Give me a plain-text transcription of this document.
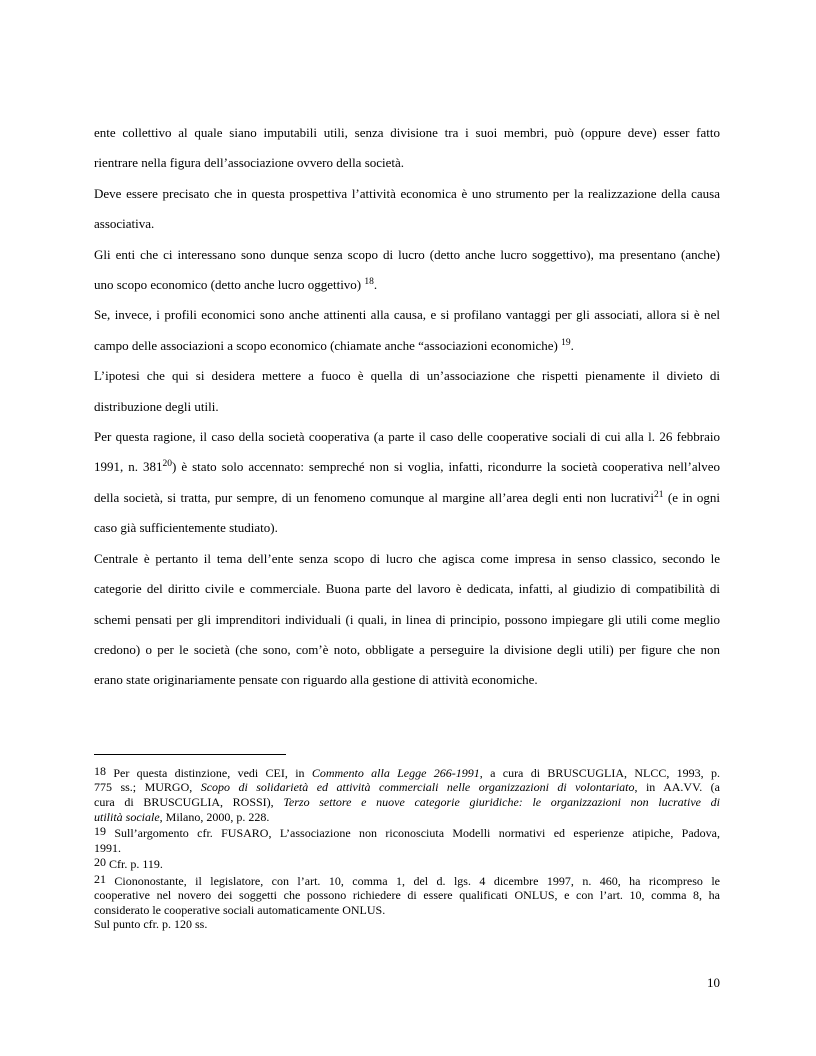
ente collettivo al quale siano imputabili utili, senza divisione tra i suoi membri, può (oppure deve) esser fatto
rientrare nella figura dell’associazione ovvero della società.

Deve essere precisato che in questa prospettiva l’attività economica è uno strumento per la realizzazione della causa
associativa.

Gli enti che ci interessano sono dunque senza scopo di lucro (detto anche lucro soggettivo), ma presentano (anche)
uno scopo economico (detto anche lucro oggettivo) $^{18}$.

Se, invece, i profili economici sono anche attinenti alla causa, e si profilano vantaggi per gli associati, allora si è nel
campo delle associazioni a scopo economico (chiamate anche “associazioni economiche) $^{19}$.

L’ipotesi che qui si desidera mettere a fuoco è quella di un’associazione che rispetti pienamente il divieto di
distribuzione degli utili.

Per questa ragione, il caso della società cooperativa (a parte il caso delle cooperative sociali di cui alla l. 26 febbraio
1991, n. $381^{20}$) è stato solo accennato: sempreché non si voglia, infatti, ricondurre la società cooperativa nell’alveo
della società, si tratta, pur sempre, di un fenomeno comunque al margine all’area degli enti non lucrativi$^{21}$ (e in ogni
caso già sufficientemente studiato).

Centrale è pertanto il tema dell’ente senza scopo di lucro che agisca come impresa in senso classico, secondo le
categorie del diritto civile e commerciale. Buona parte del lavoro è dedicata, infatti, al giudizio di compatibilità di
schemi pensati per gli imprenditori individuali (i quali, in linea di principio, possono impiegare gli utili come meglio
credono) o per le società (che sono, com’è noto, obbligate a perseguire la divisione degli utili) per figure che non
erano state originariamente pensate con riguardo alla gestione di attività economiche.

18 Per questa distinzione, vedi CEI, in Commento alla Legge 266-1991, a cura di BRUSCUGLIA, NLCC, 1993, p.
775 ss.; MURGO, Scopo di solidarietà ed attività commerciali nelle organizzazioni di volontariato, in AA.VV. (a
cura di BRUSCUGLIA, ROSSI), Terzo settore e nuove categorie giuridiche: le organizzazioni non lucrative di
utilità sociale, Milano, 2000, p. 228.
19 Sull’argomento cfr. FUSARO, L’associazione non riconosciuta Modelli normativi ed esperienze atipiche, Padova,
1991.
20 Cfr. p. 119.
21 Ciononostante, il legislatore, con l’art. 10, comma 1, del d. lgs. 4 dicembre 1997, n. 460, ha ricompreso le
cooperative nel novero dei soggetti che possono richiedere di essere qualificati ONLUS, e con l’art. 10, comma 8, ha
considerato le cooperative sociali automaticamente ONLUS.
Sul punto cfr. p. 120 ss.
10
